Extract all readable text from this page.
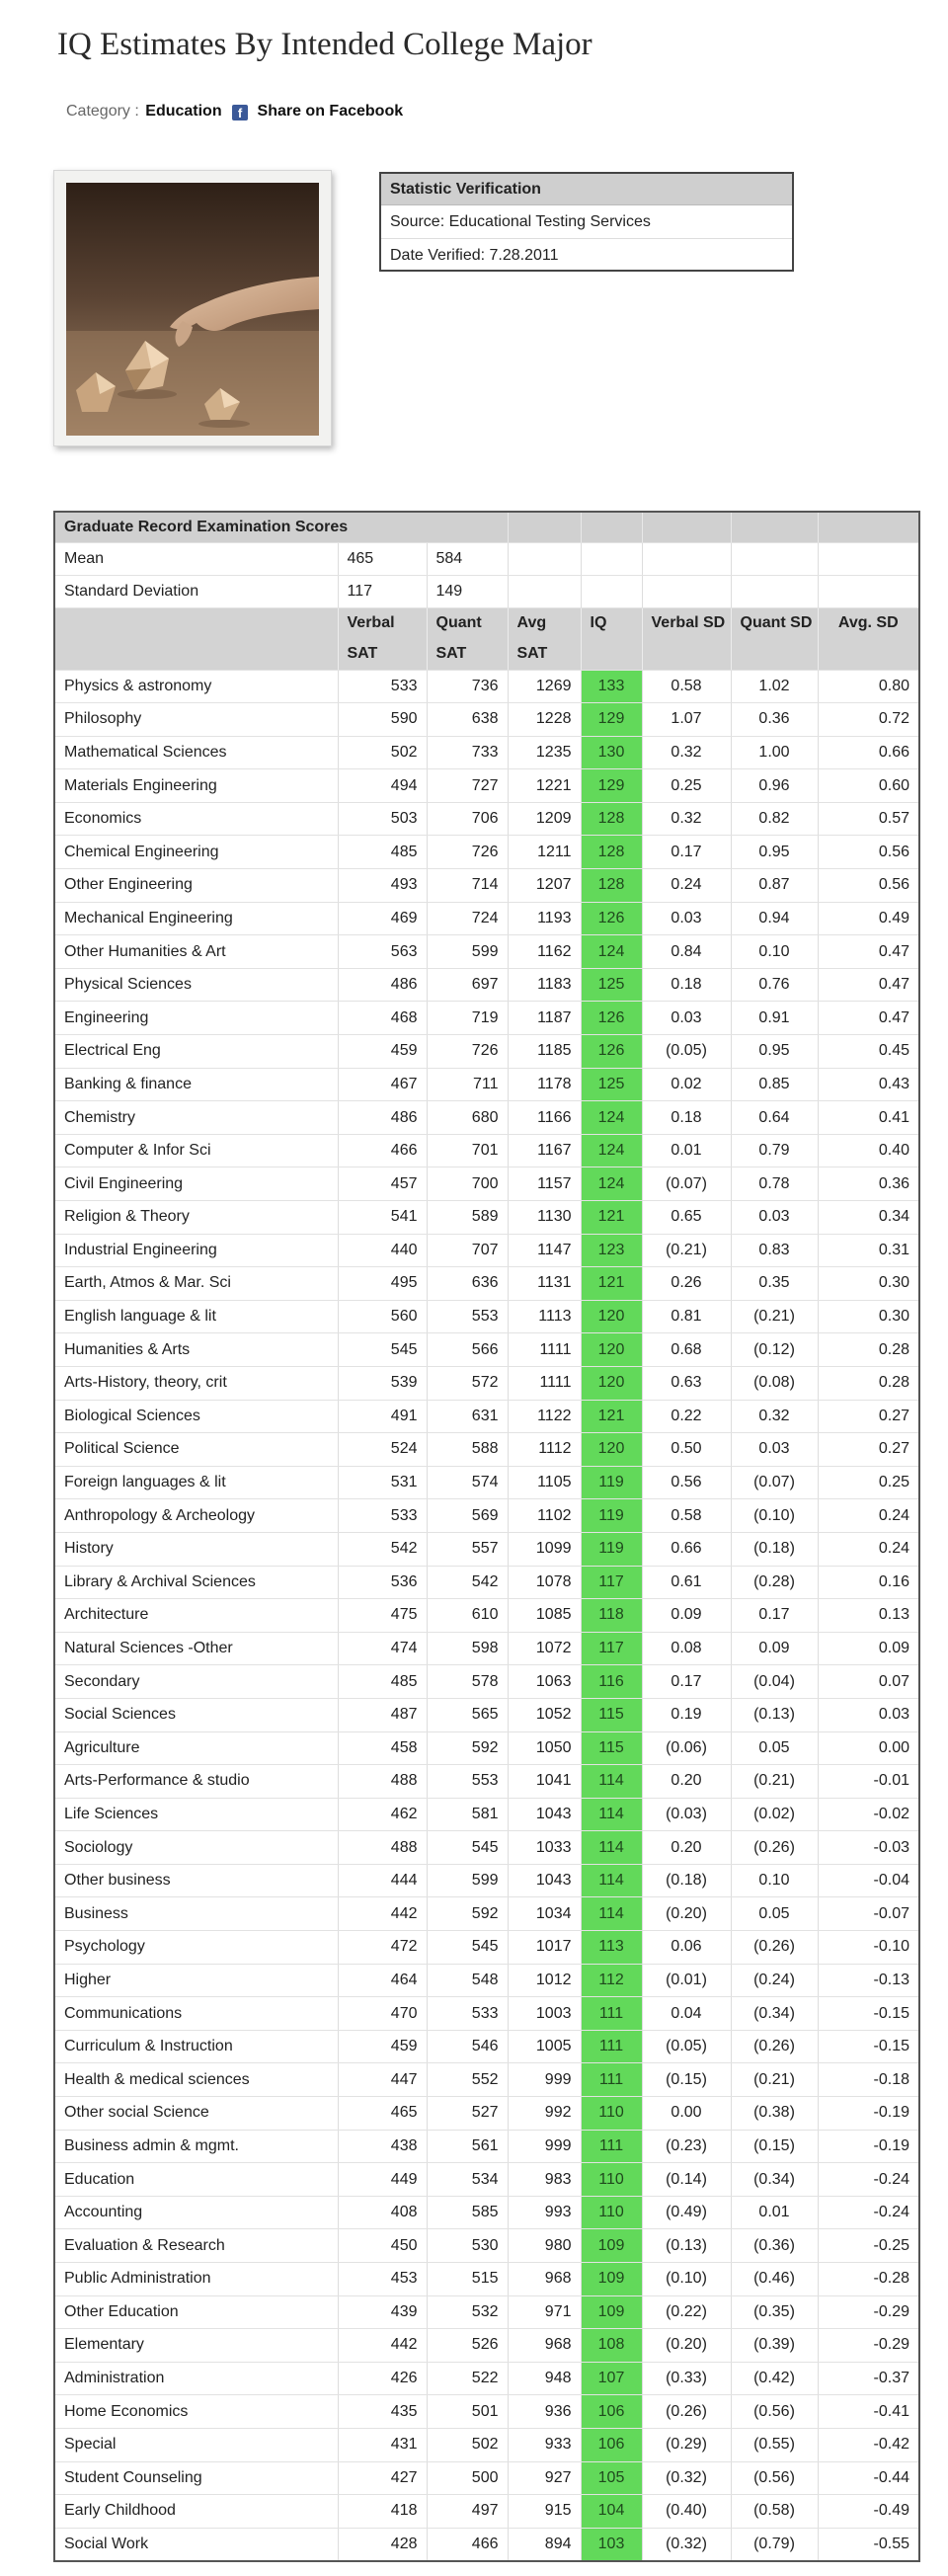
IQ Estimates By Intended College Major
Category : Education f Share on Facebook
Statistic Verification
Source: Educational Testing Services
Date Verified: 7.28.2011
Graduate Record Examination Scores							
Mean	465	584					
Standard Deviation	117	149					
	Verbal	Quant	Avg	IQ	Verbal SD	Quant SD	Avg. SD
	SAT	SAT	SAT				
Physics & astronomy	533	736	1269	133	0.58	1.02	0.80
Philosophy	590	638	1228	129	1.07	0.36	0.72
Mathematical Sciences	502	733	1235	130	0.32	1.00	0.66
Materials Engineering	494	727	1221	129	0.25	0.96	0.60
Economics	503	706	1209	128	0.32	0.82	0.57
Chemical Engineering	485	726	1211	128	0.17	0.95	0.56
Other Engineering	493	714	1207	128	0.24	0.87	0.56
Mechanical Engineering	469	724	1193	126	0.03	0.94	0.49
Other Humanities & Art	563	599	1162	124	0.84	0.10	0.47
Physical Sciences	486	697	1183	125	0.18	0.76	0.47
Engineering	468	719	1187	126	0.03	0.91	0.47
Electrical Eng	459	726	1185	126	(0.05)	0.95	0.45
Banking & finance	467	711	1178	125	0.02	0.85	0.43
Chemistry	486	680	1166	124	0.18	0.64	0.41
Computer & Infor Sci	466	701	1167	124	0.01	0.79	0.40
Civil Engineering	457	700	1157	124	(0.07)	0.78	0.36
Religion & Theory	541	589	1130	121	0.65	0.03	0.34
Industrial Engineering	440	707	1147	123	(0.21)	0.83	0.31
Earth, Atmos & Mar. Sci	495	636	1131	121	0.26	0.35	0.30
English language & lit	560	553	1113	120	0.81	(0.21)	0.30
Humanities & Arts	545	566	1111	120	0.68	(0.12)	0.28
Arts-History, theory, crit	539	572	1111	120	0.63	(0.08)	0.28
Biological Sciences	491	631	1122	121	0.22	0.32	0.27
Political Science	524	588	1112	120	0.50	0.03	0.27
Foreign languages & lit	531	574	1105	119	0.56	(0.07)	0.25
Anthropology & Archeology	533	569	1102	119	0.58	(0.10)	0.24
History	542	557	1099	119	0.66	(0.18)	0.24
Library & Archival Sciences	536	542	1078	117	0.61	(0.28)	0.16
Architecture	475	610	1085	118	0.09	0.17	0.13
Natural Sciences -Other	474	598	1072	117	0.08	0.09	0.09
Secondary	485	578	1063	116	0.17	(0.04)	0.07
Social Sciences	487	565	1052	115	0.19	(0.13)	0.03
Agriculture	458	592	1050	115	(0.06)	0.05	0.00
Arts-Performance & studio	488	553	1041	114	0.20	(0.21)	-0.01
Life Sciences	462	581	1043	114	(0.03)	(0.02)	-0.02
Sociology	488	545	1033	114	0.20	(0.26)	-0.03
Other business	444	599	1043	114	(0.18)	0.10	-0.04
Business	442	592	1034	114	(0.20)	0.05	-0.07
Psychology	472	545	1017	113	0.06	(0.26)	-0.10
Higher	464	548	1012	112	(0.01)	(0.24)	-0.13
Communications	470	533	1003	111	0.04	(0.34)	-0.15
Curriculum & Instruction	459	546	1005	111	(0.05)	(0.26)	-0.15
Health & medical sciences	447	552	999	111	(0.15)	(0.21)	-0.18
Other social Science	465	527	992	110	0.00	(0.38)	-0.19
Business admin & mgmt.	438	561	999	111	(0.23)	(0.15)	-0.19
Education	449	534	983	110	(0.14)	(0.34)	-0.24
Accounting	408	585	993	110	(0.49)	0.01	-0.24
Evaluation & Research	450	530	980	109	(0.13)	(0.36)	-0.25
Public Administration	453	515	968	109	(0.10)	(0.46)	-0.28
Other Education	439	532	971	109	(0.22)	(0.35)	-0.29
Elementary	442	526	968	108	(0.20)	(0.39)	-0.29
Administration	426	522	948	107	(0.33)	(0.42)	-0.37
Home Economics	435	501	936	106	(0.26)	(0.56)	-0.41
Special	431	502	933	106	(0.29)	(0.55)	-0.42
Student Counseling	427	500	927	105	(0.32)	(0.56)	-0.44
Early Childhood	418	497	915	104	(0.40)	(0.58)	-0.49
Social Work	428	466	894	103	(0.32)	(0.79)	-0.55
